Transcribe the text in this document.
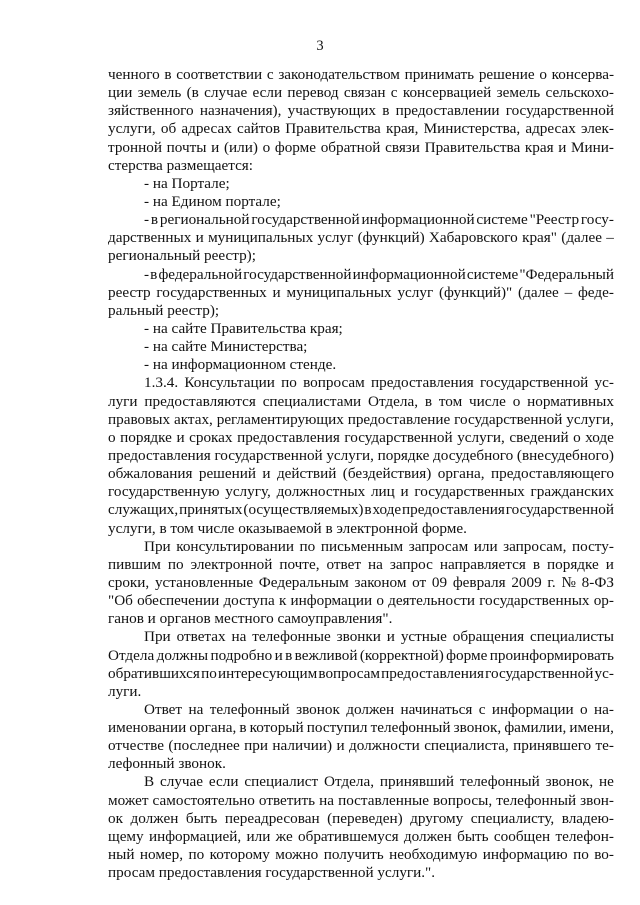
3
ченного в соответствии с законодательством принимать решение о консерва-
ции земель (в случае если перевод связан с консервацией земель сельскохо-
зяйственного назначения), участвующих в предоставлении государственной
услуги, об адресах сайтов Правительства края, Министерства, адресах элек-
тронной почты и (или) о форме обратной связи Правительства края и Мини-
стерства размещается:
- на Портале;
- на Едином портале;
- в региональной государственной информационной системе "Реестр госу-
дарственных и муниципальных услуг (функций) Хабаровского края" (далее –
региональный реестр);
- в федеральной государственной информационной системе "Федеральный
реестр государственных и муниципальных услуг (функций)" (далее – феде-
ральный реестр);
- на сайте Правительства края;
- на сайте Министерства;
- на информационном стенде.
1.3.4. Консультации по вопросам предоставления государственной ус-
луги предоставляются специалистами Отдела, в том числе о нормативных
правовых актах, регламентирующих предоставление государственной услуги,
о порядке и сроках предоставления государственной услуги, сведений о ходе
предоставления государственной услуги, порядке досудебного (внесудебного)
обжалования решений и действий (бездействия) органа, предоставляющего
государственную услугу, должностных лиц и государственных гражданских
служащих, принятых (осуществляемых) в ходе предоставления государственной
услуги, в том числе оказываемой в электронной форме.
При консультировании по письменным запросам или запросам, посту-
пившим по электронной почте, ответ на запрос направляется в порядке и
сроки, установленные Федеральным законом от 09 февраля 2009 г. № 8-ФЗ
"Об обеспечении доступа к информации о деятельности государственных ор-
ганов и органов местного самоуправления".
При ответах на телефонные звонки и устные обращения специалисты
Отдела должны подробно и в вежливой (корректной) форме проинформировать
обратившихся по интересующим вопросам предоставления государственной ус-
луги.
Ответ на телефонный звонок должен начинаться с информации о на-
именовании органа, в который поступил телефонный звонок, фамилии, имени,
отчестве (последнее при наличии) и должности специалиста, принявшего те-
лефонный звонок.
В случае если специалист Отдела, принявший телефонный звонок, не
может самостоятельно ответить на поставленные вопросы, телефонный звон-
ок должен быть переадресован (переведен) другому специалисту, владею-
щему информацией, или же обратившемуся должен быть сообщен телефон-
ный номер, по которому можно получить необходимую информацию по во-
просам предоставления государственной услуги.".
